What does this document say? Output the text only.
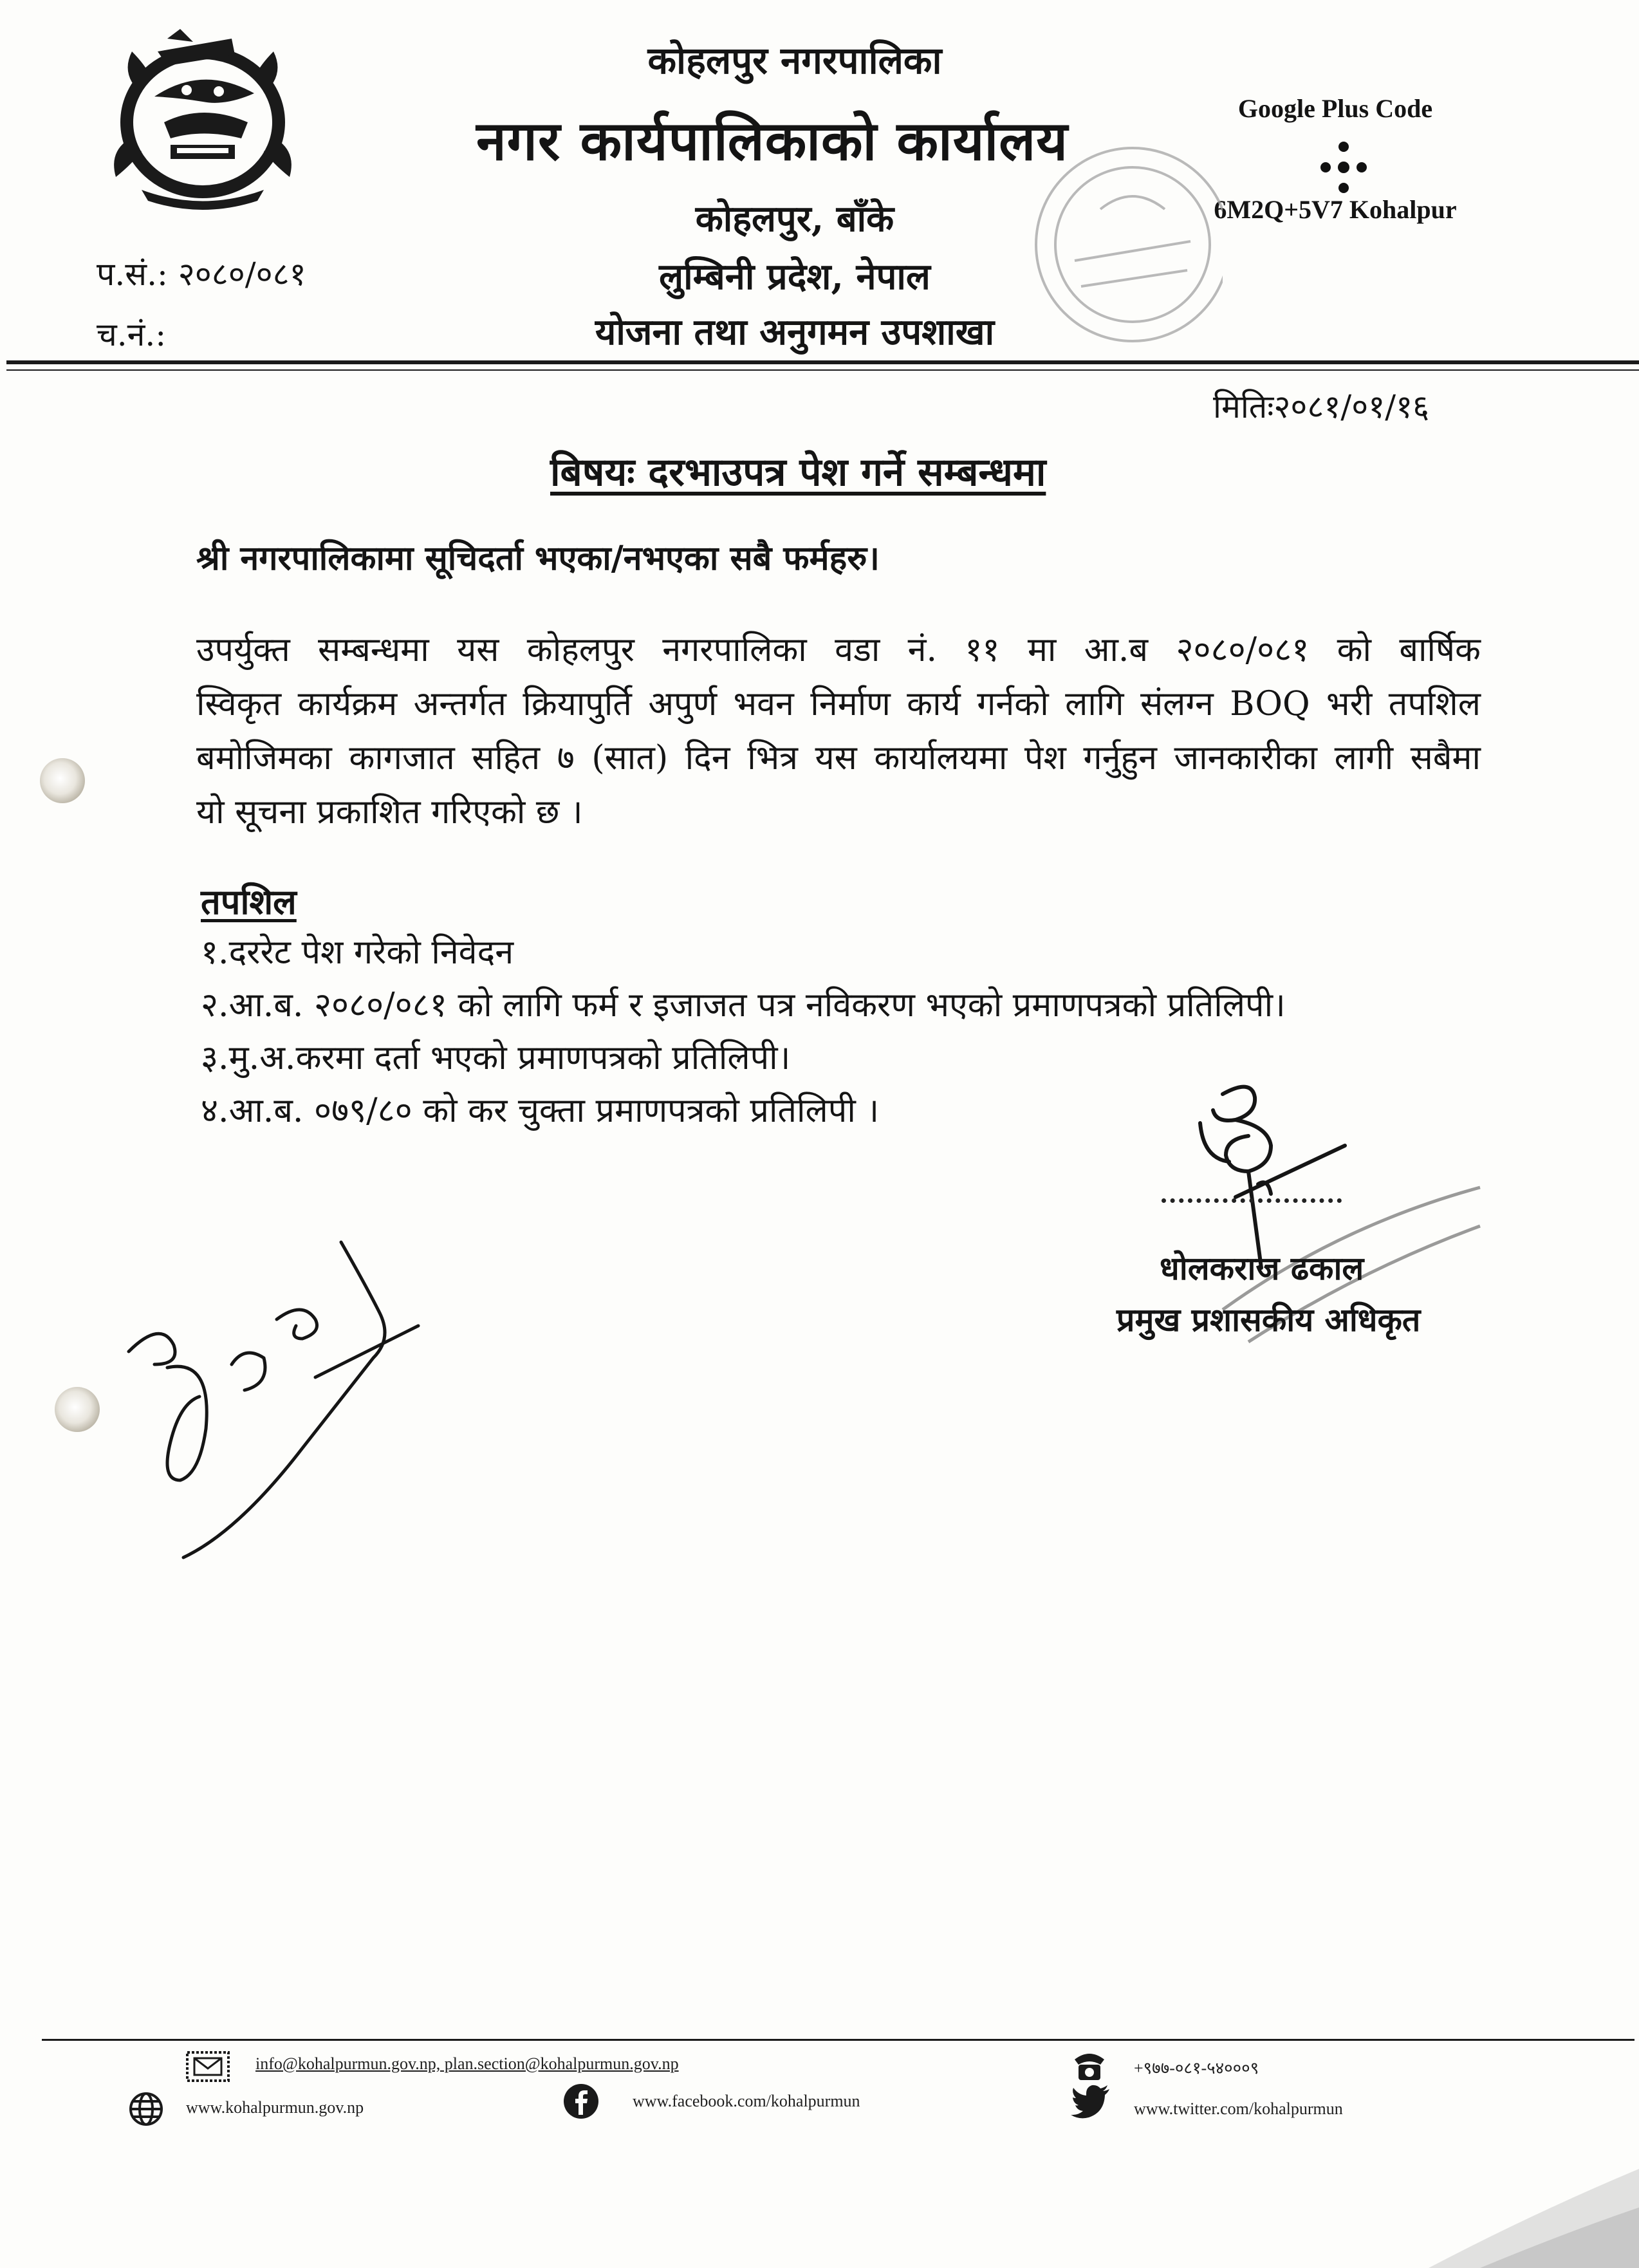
कोहलपुर नगरपालिका
नगर कार्यपालिकाको कार्यालय
कोहलपुर, बाँके
लुम्बिनी प्रदेश, नेपाल
योजना तथा अनुगमन उपशाखा
Google Plus Code
6M2Q+5V7 Kohalpur
प.सं.: २०८०/०८१
च.नं.:
मितिः२०८१/०१/१६
बिषयः दरभाउपत्र पेश गर्ने सम्बन्धमा
श्री नगरपालिकामा सूचिदर्ता भएका/नभएका सबै फर्महरु।
उपर्युक्त सम्बन्धमा यस कोहलपुर नगरपालिका वडा नं. ११ मा आ.ब २०८०/०८१ को बार्षिक
स्विकृत कार्यक्रम अन्तर्गत क्रियापुर्ति अपुर्ण भवन निर्माण कार्य गर्नको लागि संलग्न BOQ भरी तपशिल
बमोजिमका कागजात सहित ७ (सात) दिन भित्र यस कार्यालयमा पेश गर्नुहुन जानकारीका लागी सबैमा
यो सूचना प्रकाशित गरिएको छ ।
तपशिल
१.दररेट पेश गरेको निवेदन
२.आ.ब. २०८०/०८१ को लागि फर्म र इजाजत पत्र नविकरण भएको प्रमाणपत्रको प्रतिलिपी।
३.मु.अ.करमा दर्ता भएको प्रमाणपत्रको प्रतिलिपी।
४.आ.ब. ०७९/८० को कर चुक्ता प्रमाणपत्रको प्रतिलिपी ।
धोलकराज ढकाल
प्रमुख प्रशासकीय अधिकृत
info@kohalpurmun.gov.np, plan.section@kohalpurmun.gov.np	+९७७-०८१-५४०००९
www.kohalpurmun.gov.np	www.facebook.com/kohalpurmun	www.twitter.com/kohalpurmun
